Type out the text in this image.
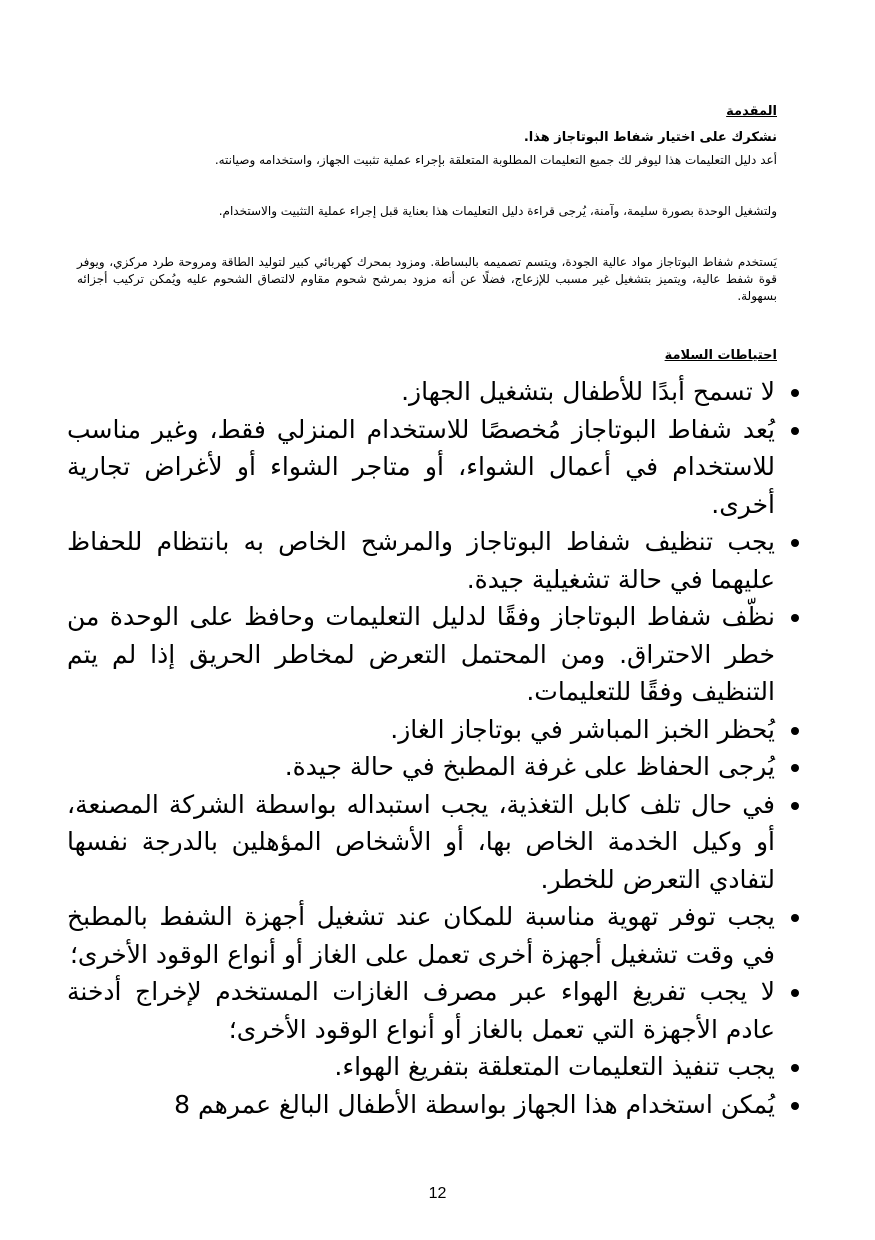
المقدمة
نشكرك على اختيار شفاط البوتاجاز هذا.

أعد دليل التعليمات هذا ليوفر لك جميع التعليمات المطلوبة المتعلقة بإجراء عملية تثبيت الجهاز، واستخدامه وصيانته.

ولتشغيل الوحدة بصورة سليمة، وآمنة، يُرجى قراءة دليل التعليمات هذا بعناية قبل إجراء عملية التثبيت والاستخدام.

يَستخدم شفاط البوتاجاز مواد عالية الجودة، ويتسم تصميمه بالبساطة. ومزود بمحرك كهربائي كبير لتوليد الطاقة ومروحة طرد مركزي، ويوفر قوة شفط عالية، ويتميز بتشغيل غير مسبب للإزعاج، فضلًا عن أنه مزود بمرشح شحوم مقاوم لالتصاق الشحوم عليه ويُمكن تركيب أجزائه بسهولة.

احتياطات السلامة
لا تسمح أبدًا للأطفال بتشغيل الجهاز.
يُعد شفاط البوتاجاز مُخصصًا للاستخدام المنزلي فقط، وغير مناسب للاستخدام في أعمال الشواء، أو متاجر الشواء أو لأغراض تجارية أخرى.
يجب تنظيف شفاط البوتاجاز والمرشح الخاص به بانتظام للحفاظ عليهما في حالة تشغيلية جيدة.
نظّف شفاط البوتاجاز وفقًا لدليل التعليمات وحافظ على الوحدة من خطر الاحتراق. ومن المحتمل التعرض لمخاطر الحريق إذا لم يتم التنظيف وفقًا للتعليمات.
يُحظر الخبز المباشر في بوتاجاز الغاز.
يُرجى الحفاظ على غرفة المطبخ في حالة جيدة.
في حال تلف كابل التغذية، يجب استبداله بواسطة الشركة المصنعة، أو وكيل الخدمة الخاص بها، أو الأشخاص المؤهلين بالدرجة نفسها لتفادي التعرض للخطر.
يجب توفر تهوية مناسبة للمكان عند تشغيل أجهزة الشفط بالمطبخ في وقت تشغيل أجهزة أخرى تعمل على الغاز أو أنواع الوقود الأخرى؛
لا يجب تفريغ الهواء عبر مصرف الغازات المستخدم لإخراج أدخنة عادم الأجهزة التي تعمل بالغاز أو أنواع الوقود الأخرى؛
يجب تنفيذ التعليمات المتعلقة بتفريغ الهواء.
يُمكن استخدام هذا الجهاز بواسطة الأطفال البالغ عمرهم 8
12
